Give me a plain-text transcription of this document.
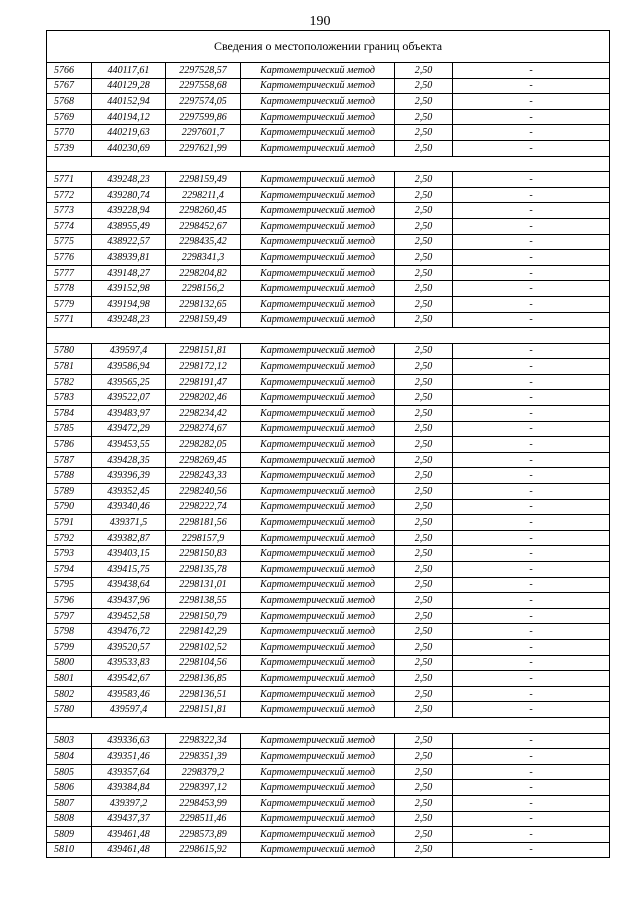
190
Сведения о местоположении границ объекта					
5766	440117,61	2297528,57	Картометрический метод	2,50	-
5767	440129,28	2297558,68	Картометрический метод	2,50	-
5768	440152,94	2297574,05	Картометрический метод	2,50	-
5769	440194,12	2297599,86	Картометрический метод	2,50	-
5770	440219,63	2297601,7	Картометрический метод	2,50	-
5739	440230,69	2297621,99	Картометрический метод	2,50	-

5771	439248,23	2298159,49	Картометрический метод	2,50	-
5772	439280,74	2298211,4	Картометрический метод	2,50	-
5773	439228,94	2298260,45	Картометрический метод	2,50	-
5774	438955,49	2298452,67	Картометрический метод	2,50	-
5775	438922,57	2298435,42	Картометрический метод	2,50	-
5776	438939,81	2298341,3	Картометрический метод	2,50	-
5777	439148,27	2298204,82	Картометрический метод	2,50	-
5778	439152,98	2298156,2	Картометрический метод	2,50	-
5779	439194,98	2298132,65	Картометрический метод	2,50	-
5771	439248,23	2298159,49	Картометрический метод	2,50	-

5780	439597,4	2298151,81	Картометрический метод	2,50	-
5781	439586,94	2298172,12	Картометрический метод	2,50	-
5782	439565,25	2298191,47	Картометрический метод	2,50	-
5783	439522,07	2298202,46	Картометрический метод	2,50	-
5784	439483,97	2298234,42	Картометрический метод	2,50	-
5785	439472,29	2298274,67	Картометрический метод	2,50	-
5786	439453,55	2298282,05	Картометрический метод	2,50	-
5787	439428,35	2298269,45	Картометрический метод	2,50	-
5788	439396,39	2298243,33	Картометрический метод	2,50	-
5789	439352,45	2298240,56	Картометрический метод	2,50	-
5790	439340,46	2298222,74	Картометрический метод	2,50	-
5791	439371,5	2298181,56	Картометрический метод	2,50	-
5792	439382,87	2298157,9	Картометрический метод	2,50	-
5793	439403,15	2298150,83	Картометрический метод	2,50	-
5794	439415,75	2298135,78	Картометрический метод	2,50	-
5795	439438,64	2298131,01	Картометрический метод	2,50	-
5796	439437,96	2298138,55	Картометрический метод	2,50	-
5797	439452,58	2298150,79	Картометрический метод	2,50	-
5798	439476,72	2298142,29	Картометрический метод	2,50	-
5799	439520,57	2298102,52	Картометрический метод	2,50	-
5800	439533,83	2298104,56	Картометрический метод	2,50	-
5801	439542,67	2298136,85	Картометрический метод	2,50	-
5802	439583,46	2298136,51	Картометрический метод	2,50	-
5780	439597,4	2298151,81	Картометрический метод	2,50	-

5803	439336,63	2298322,34	Картометрический метод	2,50	-
5804	439351,46	2298351,39	Картометрический метод	2,50	-
5805	439357,64	2298379,2	Картометрический метод	2,50	-
5806	439384,84	2298397,12	Картометрический метод	2,50	-
5807	439397,2	2298453,99	Картометрический метод	2,50	-
5808	439437,37	2298511,46	Картометрический метод	2,50	-
5809	439461,48	2298573,89	Картометрический метод	2,50	-
5810	439461,48	2298615,92	Картометрический метод	2,50	-
